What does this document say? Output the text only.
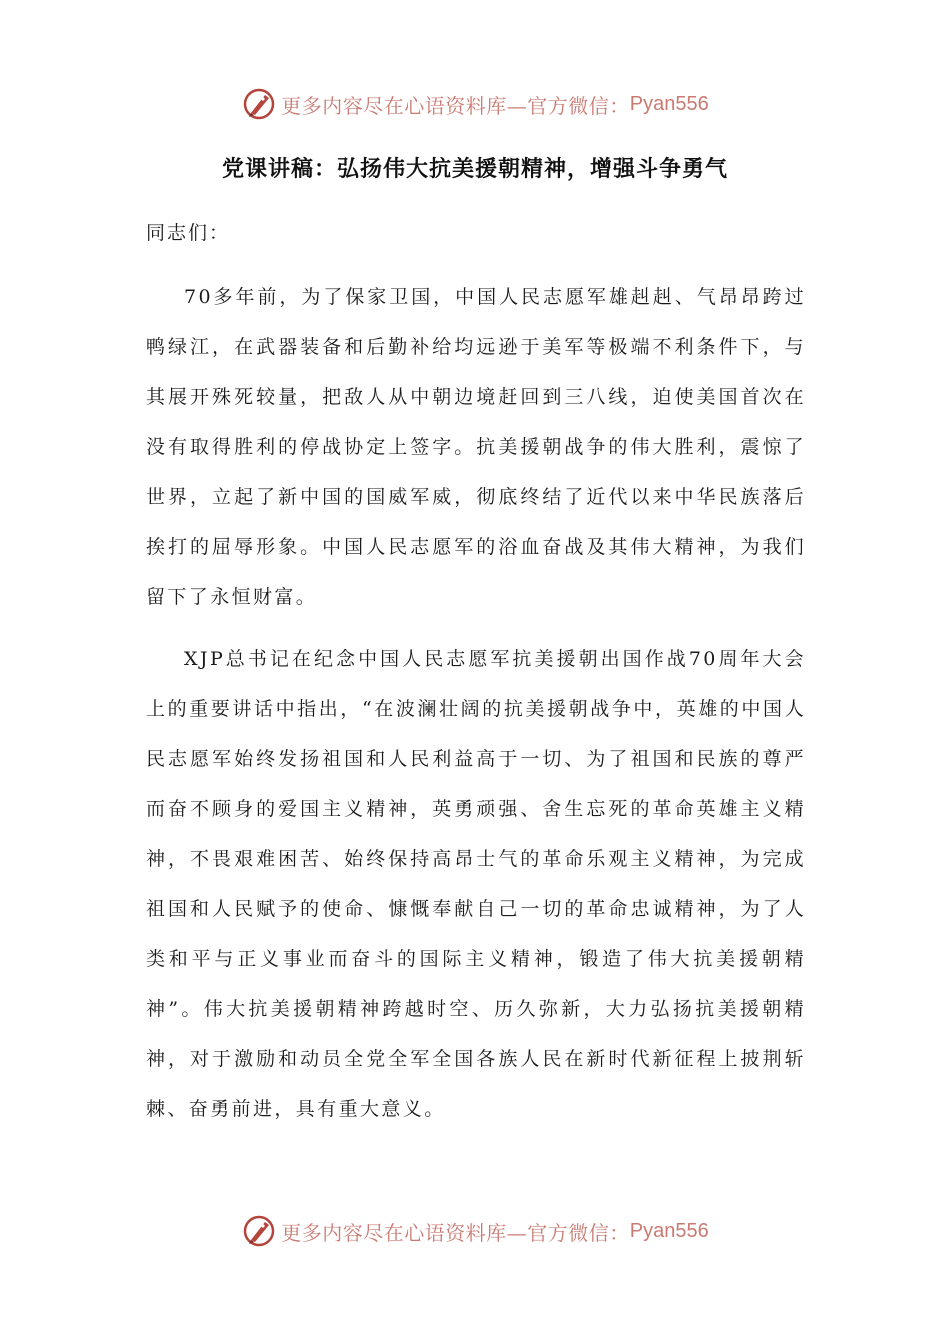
更多内容尽在心语资料库—官方微信： Pyan556
党课讲稿：弘扬伟大抗美援朝精神，增强斗争勇气
同志们：

70多年前，为了保家卫国，中国人民志愿军雄赳赳、气昂昂跨过鸭绿江，在武器装备和后勤补给均远逊于美军等极端不利条件下，与其展开殊死较量，把敌人从中朝边境赶回到三八线，迫使美国首次在没有取得胜利的停战协定上签字。抗美援朝战争的伟大胜利，震惊了世界，立起了新中国的国威军威，彻底终结了近代以来中华民族落后挨打的屈辱形象。中国人民志愿军的浴血奋战及其伟大精神，为我们留下了永恒财富。

XJP总书记在纪念中国人民志愿军抗美援朝出国作战70周年大会上的重要讲话中指出，“在波澜壮阔的抗美援朝战争中，英雄的中国人民志愿军始终发扬祖国和人民利益高于一切、为了祖国和民族的尊严而奋不顾身的爱国主义精神，英勇顽强、舍生忘死的革命英雄主义精神，不畏艰难困苦、始终保持高昂士气的革命乐观主义精神，为完成祖国和人民赋予的使命、慷慨奉献自己一切的革命忠诚精神，为了人类和平与正义事业而奋斗的国际主义精神，锻造了伟大抗美援朝精神”。伟大抗美援朝精神跨越时空、历久弥新，大力弘扬抗美援朝精神，对于激励和动员全党全军全国各族人民在新时代新征程上披荆斩棘、奋勇前进，具有重大意义。

更多内容尽在心语资料库—官方微信： Pyan556
